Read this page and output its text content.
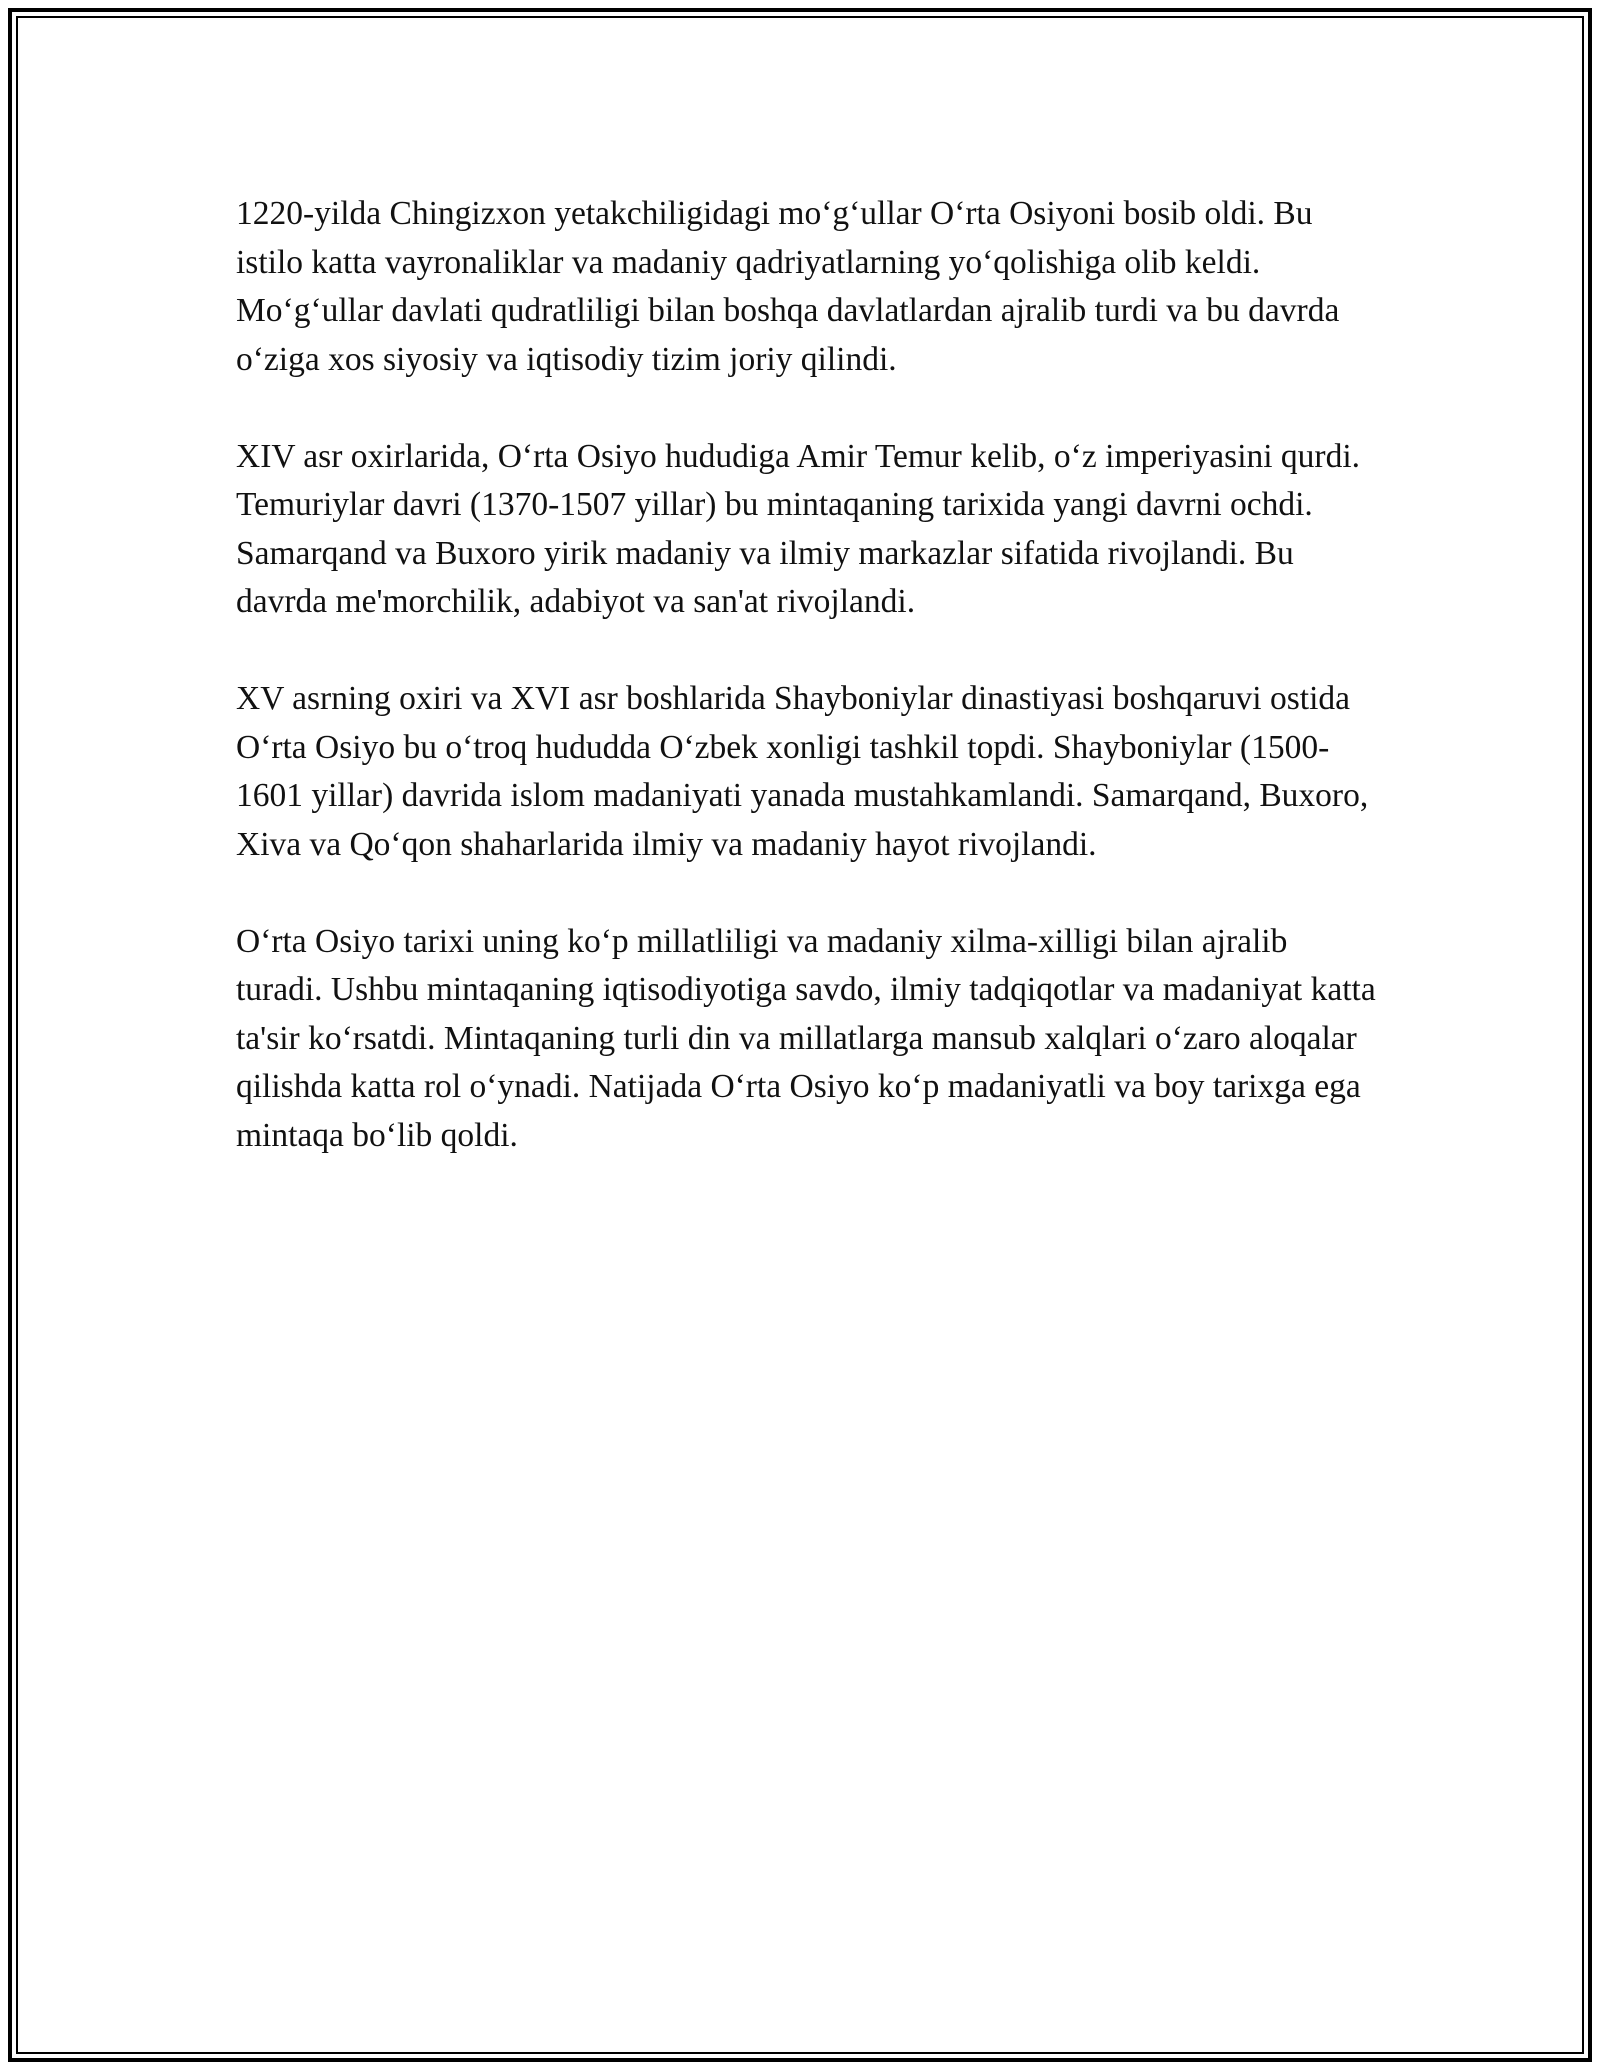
1220-yilda Chingizxon yetakchiligidagi mo‘g‘ullar O‘rta Osiyoni bosib oldi. Bu istilo katta vayronaliklar va madaniy qadriyatlarning yo‘qolishiga olib keldi. Mo‘g‘ullar davlati qudratliligi bilan boshqa davlatlardan ajralib turdi va bu davrda o‘ziga xos siyosiy va iqtisodiy tizim joriy qilindi.

XIV asr oxirlarida, O‘rta Osiyo hududiga Amir Temur kelib, o‘z imperiyasini qurdi. Temuriylar davri (1370-1507 yillar) bu mintaqaning tarixida yangi davrni ochdi. Samarqand va Buxoro yirik madaniy va ilmiy markazlar sifatida rivojlandi. Bu davrda me'morchilik, adabiyot va san'at rivojlandi.

XV asrning oxiri va XVI asr boshlarida Shayboniylar dinastiyasi boshqaruvi ostida O‘rta Osiyo bu o‘troq hududda O‘zbek xonligi tashkil topdi. Shayboniylar (1500-1601 yillar) davrida islom madaniyati yanada mustahkamlandi. Samarqand, Buxoro, Xiva va Qo‘qon shaharlarida ilmiy va madaniy hayot rivojlandi.

O‘rta Osiyo tarixi uning ko‘p millatliligi va madaniy xilma-xilligi bilan ajralib turadi. Ushbu mintaqaning iqtisodiyotiga savdo, ilmiy tadqiqotlar va madaniyat katta ta'sir ko‘rsatdi. Mintaqaning turli din va millatlarga mansub xalqlari o‘zaro aloqalar qilishda katta rol o‘ynadi. Natijada O‘rta Osiyo ko‘p madaniyatli va boy tarixga ega mintaqa bo‘lib qoldi.
